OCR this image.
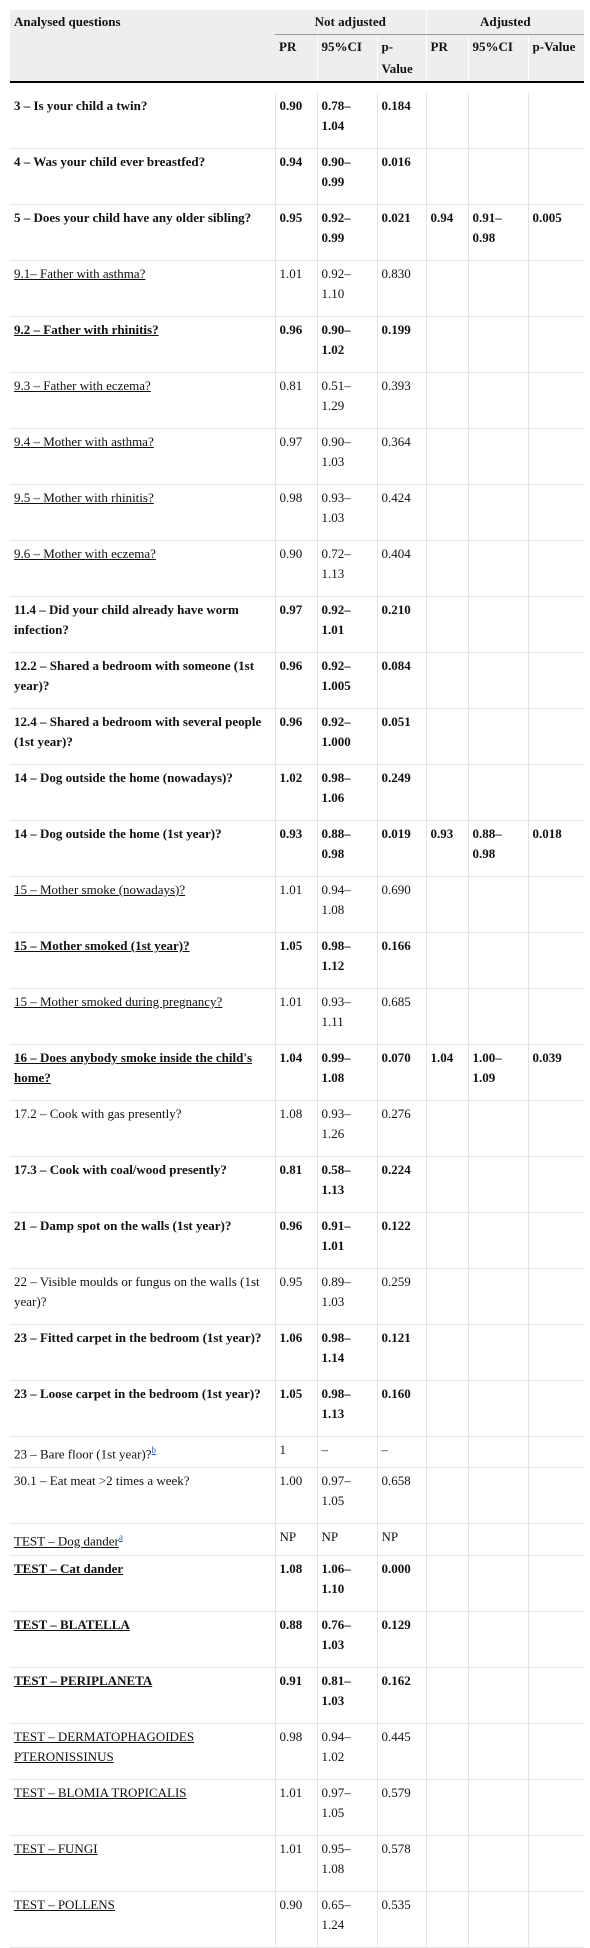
Analysed questions	Not adjusted			Adjusted		
	PR	95%CI	p-Value	PR	95%CI	p-Value

3 – Is your child a twin?	0.90	0.78–1.04	0.184			
4 – Was your child ever breastfed?	0.94	0.90–0.99	0.016			
5 – Does your child have any older sibling?	0.95	0.92–0.99	0.021	0.94	0.91–0.98	0.005
9.1– Father with asthma?	1.01	0.92–1.10	0.830			
9.2 – Father with rhinitis?	0.96	0.90–1.02	0.199			
9.3 – Father with eczema?	0.81	0.51–1.29	0.393			
9.4 – Mother with asthma?	0.97	0.90–1.03	0.364			
9.5 – Mother with rhinitis?	0.98	0.93–1.03	0.424			
9.6 – Mother with eczema?	0.90	0.72–1.13	0.404			
11.4 – Did your child already have worm infection?	0.97	0.92–1.01	0.210			
12.2 – Shared a bedroom with someone (1st year)?	0.96	0.92–1.005	0.084			
12.4 – Shared a bedroom with several people (1st year)?	0.96	0.92–1.000	0.051			
14 – Dog outside the home (nowadays)?	1.02	0.98–1.06	0.249			
14 – Dog outside the home (1st year)?	0.93	0.88–0.98	0.019	0.93	0.88–0.98	0.018
15 – Mother smoke (nowadays)?	1.01	0.94–1.08	0.690			
15 – Mother smoked (1st year)?	1.05	0.98–1.12	0.166			
15 – Mother smoked during pregnancy?	1.01	0.93–1.11	0.685			
16 – Does anybody smoke inside the child's home?	1.04	0.99–1.08	0.070	1.04	1.00–1.09	0.039
17.2 – Cook with gas presently?	1.08	0.93–1.26	0.276			
17.3 – Cook with coal/wood presently?	0.81	0.58–1.13	0.224			
21 – Damp spot on the walls (1st year)?	0.96	0.91–1.01	0.122			
22 – Visible moulds or fungus on the walls (1st year)?	0.95	0.89–1.03	0.259			
23 – Fitted carpet in the bedroom (1st year)?	1.06	0.98–1.14	0.121			
23 – Loose carpet in the bedroom (1st year)?	1.05	0.98–1.13	0.160			
23 – Bare floor (1st year)?$^b$	1	–	–			
30.1 – Eat meat >2 times a week?	1.00	0.97–1.05	0.658			
TEST – Dog dander$^a$	NP	NP	NP			
TEST – Cat dander	1.08	1.06–1.10	0.000			
TEST – BLATELLA	0.88	0.76–1.03	0.129			
TEST – PERIPLANETA	0.91	0.81–1.03	0.162			
TEST – DERMATOPHAGOIDES PTERONISSINUS	0.98	0.94–1.02	0.445			
TEST – BLOMIA TROPICALIS	1.01	0.97–1.05	0.579			
TEST – FUNGI	1.01	0.95–1.08	0.578			
TEST – POLLENS	0.90	0.65–1.24	0.535			
